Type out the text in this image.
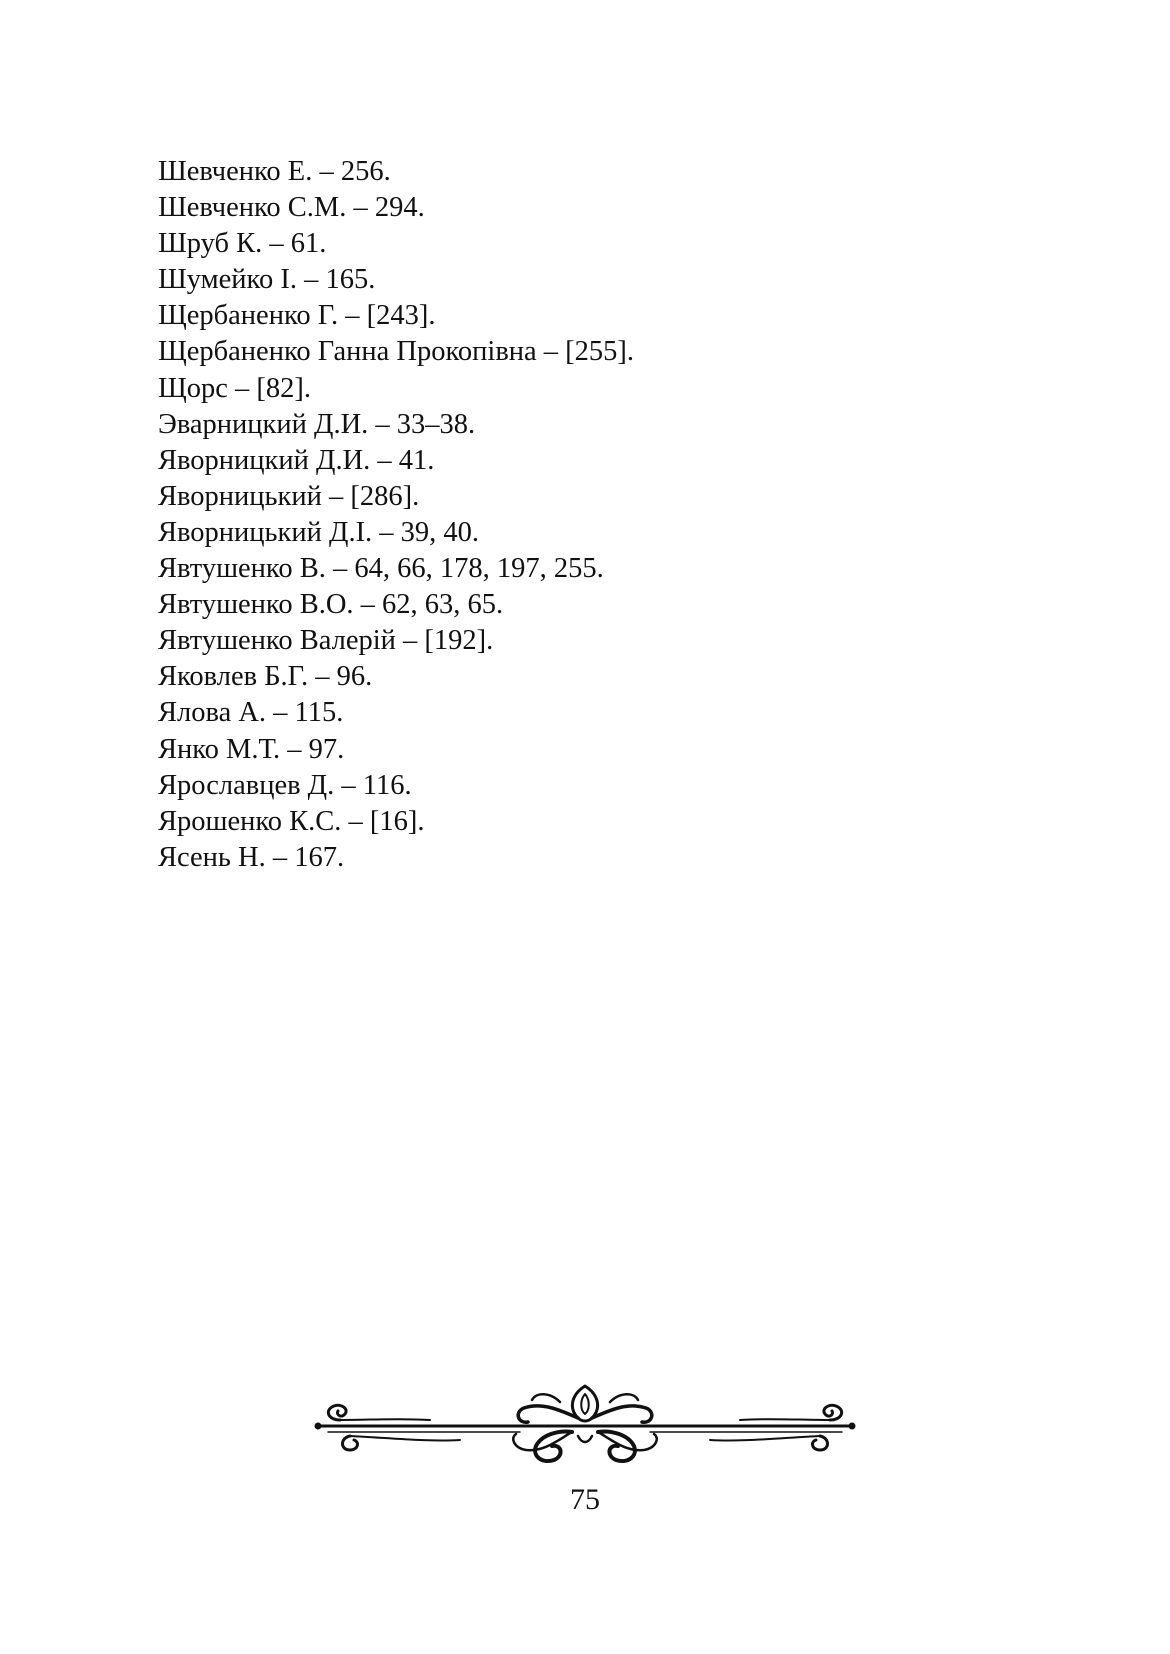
Шевченко Е. – 256.
Шевченко С.М. – 294.
Шруб К. – 61.
Шумейко І. – 165.
Щербаненко Г. – [243].
Щербаненко Ганна Прокопівна – [255].
Щорс – [82].
Эварницкий Д.И. – 33–38.
Яворницкий Д.И. – 41.
Яворницький – [286].
Яворницький Д.І. – 39, 40.
Явтушенко В. – 64, 66, 178, 197, 255.
Явтушенко В.О. – 62, 63, 65.
Явтушенко Валерій – [192].
Яковлев Б.Г. – 96.
Ялова А. – 115.
Янко М.Т. – 97.
Ярославцев Д. – 116.
Ярошенко К.С. – [16].
Ясень Н. – 167.
75
